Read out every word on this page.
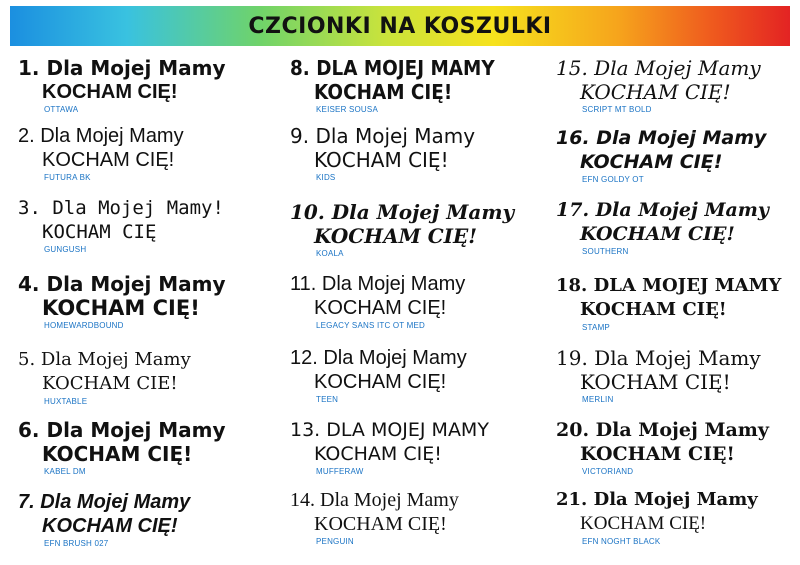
CZCIONKI NA KOSZULKI
1. Dla Mojej Mamy
KOCHAM CIĘ!
OTTAWA
2. Dla Mojej Mamy
KOCHAM CIĘ!
FUTURA BK
3. Dla Mojej Mamy!
KOCHAM CIĘ
GUNGUSH
4. Dla Mojej Mamy
KOCHAM CIĘ!
HOMEWARDBOUND
5. Dla Mojej Mamy
KOCHAM CIE!
HUXTABLE
6. Dla Mojej Mamy
KOCHAM CIĘ!
KABEL DM
7. Dla Mojej Mamy
KOCHAM CIĘ!
EFN BRUSH 027
8. DLA MOJEJ MAMY
KOCHAM CIĘ!
KEISER SOUSA
9. Dla Mojej Mamy
KOCHAM CIĘ!
KIDS
10. Dla Mojej Mamy
KOCHAM CIĘ!
KOALA
11. Dla Mojej Mamy
KOCHAM CIĘ!
LEGACY SANS ITC OT MED
12. Dla Mojej Mamy
KOCHAM CIĘ!
TEEN
13. DLA MOJEJ MAMY
KOCHAM CIĘ!
MUFFERAW
14. Dla Mojej Mamy
KOCHAM CIĘ!
PENGUIN
15. Dla Mojej Mamy
KOCHAM CIĘ!
SCRIPT MT BOLD
16. Dla Mojej Mamy
KOCHAM CIĘ!
EFN GOLDY OT
17. Dla Mojej Mamy
KOCHAM CIĘ!
SOUTHERN
18. DLA MOJEJ MAMY
KOCHAM CIĘ!
STAMP
19. Dla Mojej Mamy
KOCHAM CIĘ!
MERLIN
20. Dla Mojej Mamy
KOCHAM CIĘ!
VICTORIAND
21. Dla Mojej Mamy
KOCHAM CIĘ!
EFN NOGHT BLACK
